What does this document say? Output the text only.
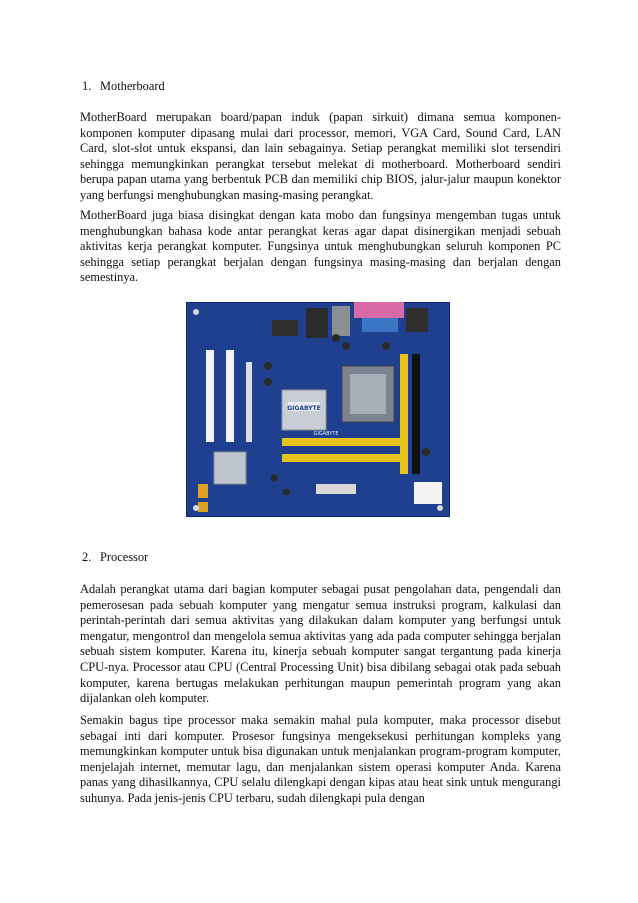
1. Motherboard

MotherBoard merupakan board/papan induk (papan sirkuit) dimana semua komponen-komponen komputer dipasang mulai dari processor, memori, VGA Card, Sound Card, LAN Card, slot-slot untuk ekspansi, dan lain sebagainya. Setiap perangkat memiliki slot tersendiri sehingga memungkinkan perangkat tersebut melekat di motherboard. Motherboard sendiri berupa papan utama yang berbentuk PCB dan memiliki chip BIOS, jalur-jalur maupun konektor yang berfungsi menghubungkan masing-masing perangkat.

MotherBoard juga biasa disingkat dengan kata mobo dan fungsinya mengemban tugas untuk menghubungkan bahasa kode antar perangkat keras agar dapat disinergikan menjadi sebuah aktivitas kerja perangkat komputer. Fungsinya untuk menghubungkan seluruh komponen PC sehingga setiap perangkat berjalan dengan fungsinya masing-masing dan berjalan dengan semestinya.

GIGABYTE
GIGABYTE
2. Processor

Adalah perangkat utama dari bagian komputer sebagai pusat pengolahan data, pengendali dan pemerosesan pada sebuah komputer yang mengatur semua instruksi program, kalkulasi dan perintah-perintah dari semua aktivitas yang dilakukan dalam komputer yang berfungsi untuk mengatur, mengontrol dan mengelola semua aktivitas yang ada pada computer sehingga berjalan sebuah sistem komputer. Karena itu, kinerja sebuah komputer sangat tergantung pada kinerja CPU-nya. Processor atau CPU (Central Processing Unit) bisa dibilang sebagai otak pada sebuah komputer, karena bertugas melakukan perhitungan maupun pemerintah program yang akan dijalankan oleh komputer.

Semakin bagus tipe processor maka semakin mahal pula komputer, maka processor disebut sebagai inti dari komputer. Prosesor fungsinya mengeksekusi perhitungan kompleks yang memungkinkan komputer untuk bisa digunakan untuk menjalankan program-program komputer, menjelajah internet, memutar lagu, dan menjalankan sistem operasi komputer Anda. Karena panas yang dihasilkannya, CPU selalu dilengkapi dengan kipas atau heat sink untuk mengurangi suhunya. Pada jenis-jenis CPU terbaru, sudah dilengkapi pula dengan
